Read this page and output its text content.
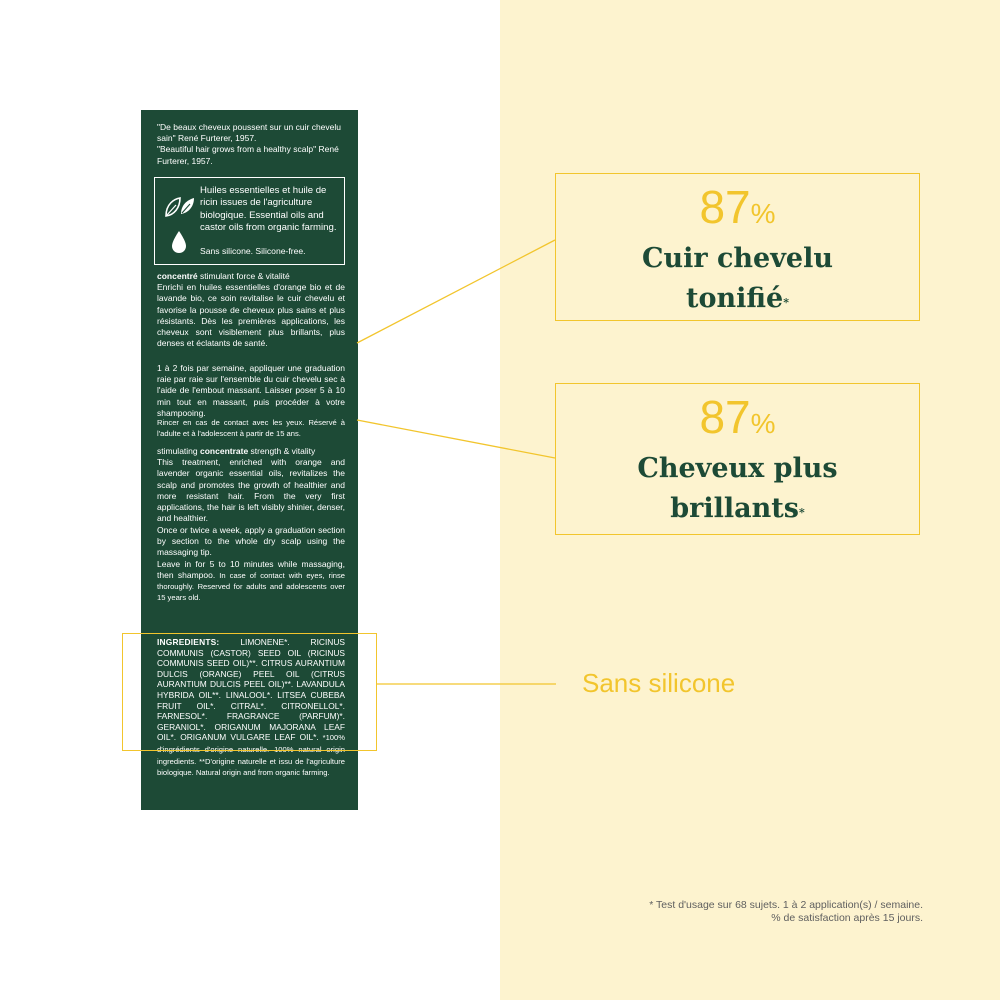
"De beaux cheveux poussent sur un cuir chevelu sain" René Furterer, 1957.
"Beautiful hair grows from a healthy scalp" René Furterer, 1957.

Huiles essentielles et huile de ricin issues de l'agriculture biologique. Essential oils and castor oils from organic farming.
Sans silicone. Silicone-free.

concentré stimulant force & vitalité
Enrichi en huiles essentielles d'orange bio et de lavande bio, ce soin revitalise le cuir chevelu et favorise la pousse de cheveux plus sains et plus résistants. Dès les premières applications, les cheveux sont visiblement plus brillants, plus denses et éclatants de santé.

1 à 2 fois par semaine, appliquer une graduation raie par raie sur l'ensemble du cuir chevelu sec à l'aide de l'embout massant. Laisser poser 5 à 10 min tout en massant, puis procéder à votre shampooing.

Rincer en cas de contact avec les yeux. Réservé à l'adulte et à l'adolescent à partir de 15 ans.

stimulating concentrate strength & vitality
This treatment, enriched with orange and lavender organic essential oils, revitalizes the scalp and promotes the growth of healthier and more resistant hair. From the very first applications, the hair is left visibly shinier, denser, and healthier.

Once or twice a week, apply a graduation section by section to the whole dry scalp using the massaging tip.
Leave in for 5 to 10 minutes while massaging, then shampoo. In case of contact with eyes, rinse thoroughly. Reserved for adults and adolescents over 15 years old.

INGREDIENTS: LIMONENE*. RICINUS COMMUNIS (CASTOR) SEED OIL (RICINUS COMMUNIS SEED OIL)**. CITRUS AURANTIUM DULCIS (ORANGE) PEEL OIL (CITRUS AURANTIUM DULCIS PEEL OIL)**. LAVANDULA HYBRIDA OIL**. LINALOOL*. LITSEA CUBEBA FRUIT OIL*. CITRAL*. CITRONELLOL*. FARNESOL*. FRAGRANCE (PARFUM)*. GERANIOL*. ORIGANUM MAJORANA LEAF OIL*. ORIGANUM VULGARE LEAF OIL*. *100% d'ingrédients d'origine naturelle. 100% natural origin ingredients. **D'origine naturelle et issu de l'agriculture biologique. Natural origin and from organic farming.

87%
Cuir chevelu
tonifié*
87%
Cheveux plus
brillants*
Sans silicone
* Test d'usage sur 68 sujets. 1 à 2 application(s) / semaine.
% de satisfaction après 15 jours.
